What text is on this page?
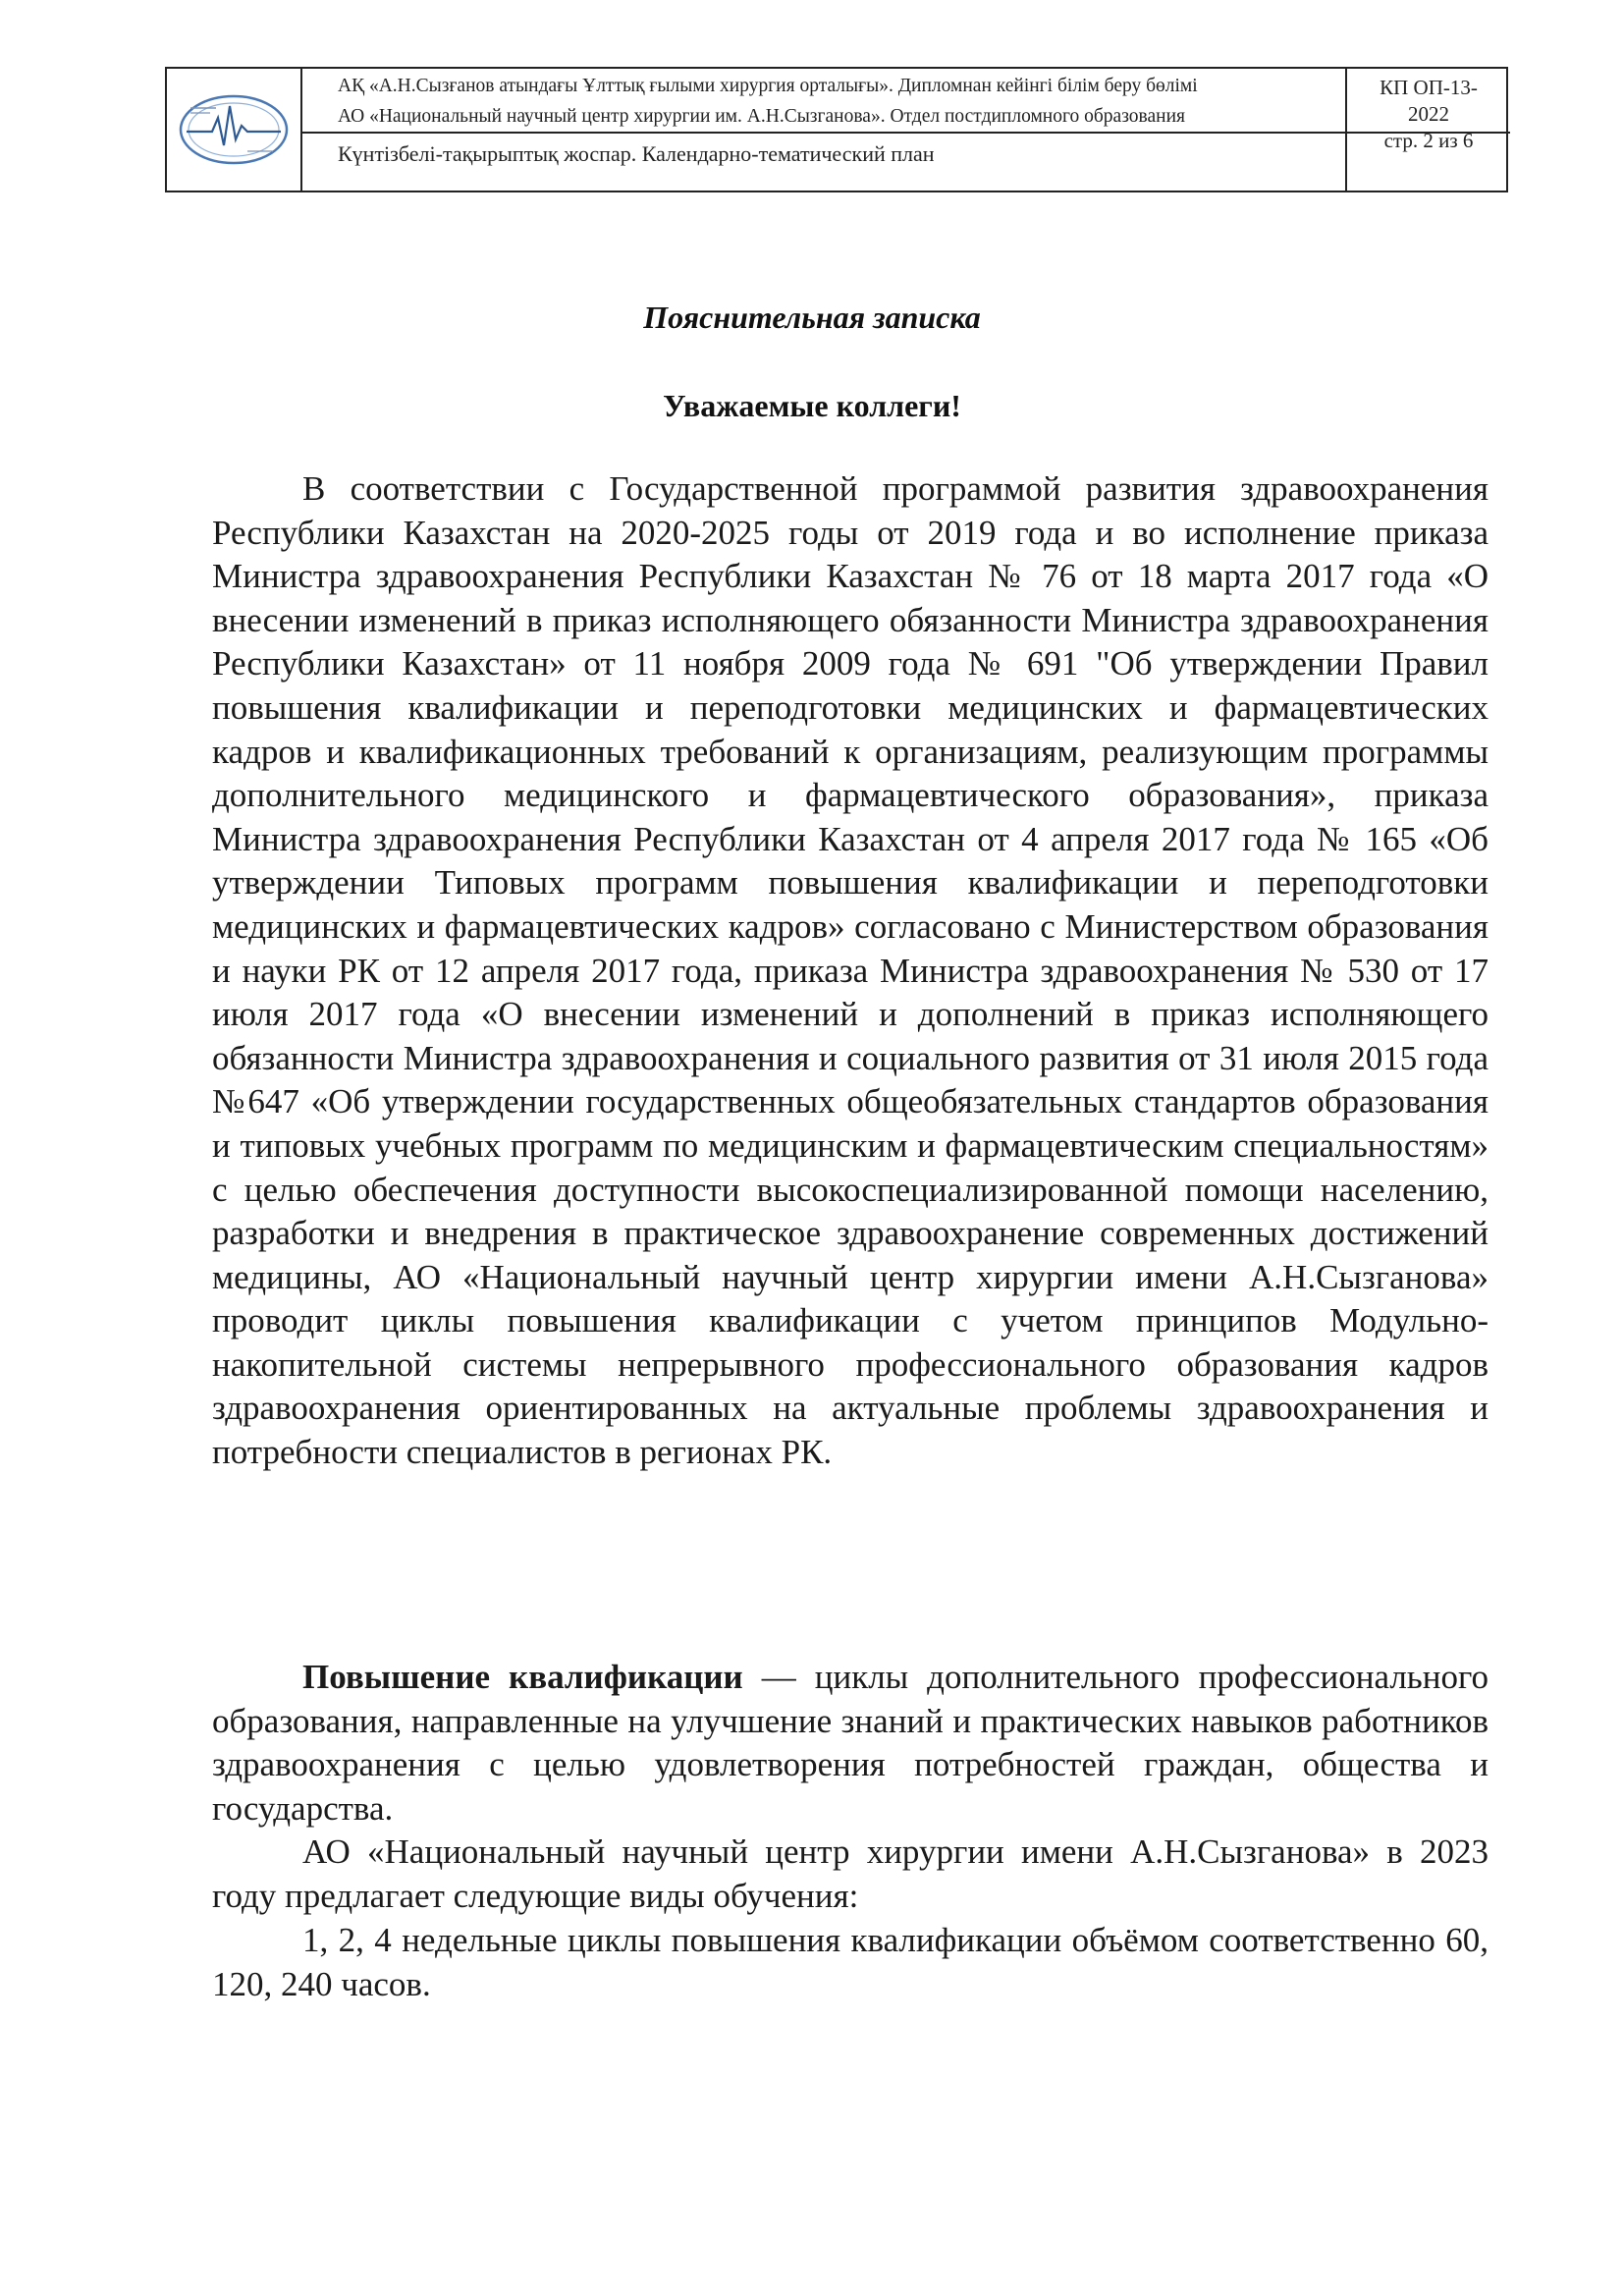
АҚ «А.Н.Сызғанов атындағы Ұлттық ғылыми хирургия орталығы». Дипломнан кейінгі білім беру бөлімі
АО «Национальный научный центр хирургии им. А.Н.Сызганова». Отдел постдипломного образования
Күнтізбелі-тақырыптық жоспар. Календарно-тематический план
КП ОП-13-
2022
стр. 2 из 6
Пояснительная записка
Уважаемые коллеги!
В соответствии с Государственной программой развития здравоохранения Республики Казахстан на 2020-2025 годы от 2019 года и во исполнение приказа Министра здравоохранения Республики Казахстан № 76 от 18 марта 2017 года «О внесении изменений в приказ исполняющего обязанности Министра здравоохранения Республики Казахстан» от 11 ноября 2009 года № 691 "Об утверждении Правил повышения квалификации и переподготовки медицинских и фармацевтических кадров и квалификационных требований к организациям, реализующим программы дополнительного медицинского и фармацевтического образования», приказа Министра здравоохранения Республики Казахстан от 4 апреля 2017 года № 165 «Об утверждении Типовых программ повышения квалификации и переподготовки медицинских и фармацевтических кадров» согласовано с Министерством образования и науки РК от 12 апреля 2017 года, приказа Министра здравоохранения № 530 от 17 июля 2017 года «О внесении изменений и дополнений в приказ исполняющего обязанности Министра здравоохранения и социального развития от 31 июля 2015 года №647 «Об утверждении государственных общеобязательных стандартов образования и типовых учебных программ по медицинским и фармацевтическим специальностям» с целью обеспечения доступности высокоспециализированной помощи населению, разработки и внедрения в практическое здравоохранение современных достижений медицины, АО «Национальный научный центр хирургии имени А.Н.Сызганова» проводит циклы повышения квалификации с учетом принципов Модульно-накопительной системы непрерывного профессионального образования кадров здравоохранения ориентированных на актуальные проблемы здравоохранения и потребности специалистов в регионах РК.
Повышение квалификации — циклы дополнительного профессионального образования, направленные на улучшение знаний и практических навыков работников здравоохранения с целью удовлетворения потребностей граждан, общества и государства.
АО «Национальный научный центр хирургии имени А.Н.Сызганова» в 2023 году предлагает следующие виды обучения:
1, 2, 4 недельные циклы повышения квалификации объёмом соответственно 60, 120, 240 часов.
